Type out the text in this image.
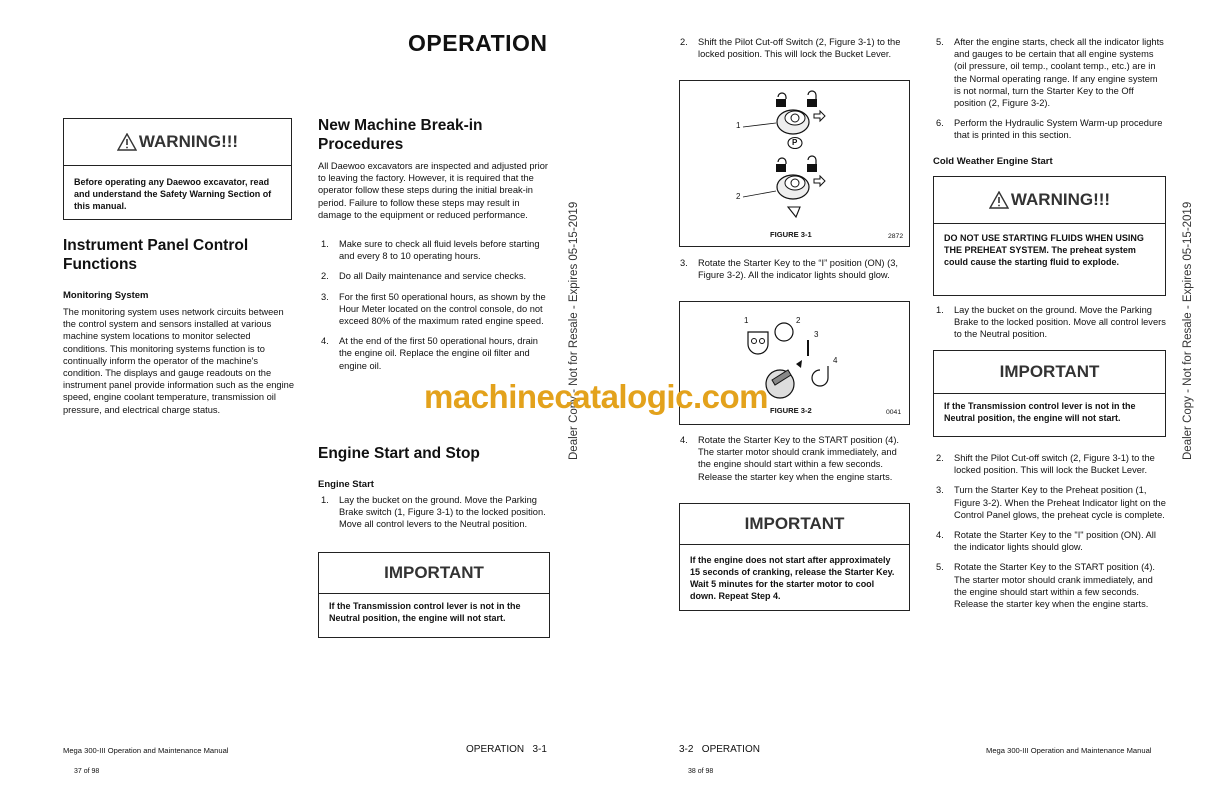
OPERATION
WARNING!!!
Before operating any Daewoo excavator, read and understand the Safety Warning Section of this manual.
Instrument Panel Control Functions
Monitoring System
The monitoring system uses network circuits between the control system and sensors installed at various machine system locations to monitor selected conditions. This monitoring systems function is to continually inform the operator of the machine's condition. The displays and gauge readouts on the instrument panel provide information such as the engine speed, engine coolant temperature, transmission oil pressure, and electrical charge status.
New Machine Break-in Procedures
All Daewoo excavators are inspected and adjusted prior to leaving the factory. However, it is required that the operator follow these steps during the initial break-in period. Failure to follow these steps may result in damage to the equipment or reduced performance.
1. Make sure to check all fluid levels before starting and every 8 to 10 operating hours.
2. Do all Daily maintenance and service checks.
3. For the first 50 operational hours, as shown by the Hour Meter located on the control console, do not exceed 80% of the maximum rated engine speed.
4. At the end of the first 50 operational hours, drain the engine oil. Replace the engine oil filter and engine oil.
Engine Start and Stop
Engine Start
1. Lay the bucket on the ground. Move the Parking Brake switch (1, Figure 3-1) to the locked position. Move all control levers to the Neutral position.
IMPORTANT
If the Transmission control lever is not in the Neutral position, the engine will not start.
Dealer Copy - Not for Resale - Expires 05-15-2019
Mega 300-III Operation and Maintenance Manual	OPERATION   3-1
37 of 98
2. Shift the Pilot Cut-off Switch (2, Figure 3-1) to the locked position. This will lock the Bucket Lever.
1
2
P
FIGURE 3-1	2872
3. Rotate the Starter Key to the “I” position (ON) (3, Figure 3-2). All the indicator lights should glow.
1	2
3
4
FIGURE 3-2	0041
4. Rotate the Starter Key to the START position (4). The starter motor should crank immediately, and the engine should start within a few seconds. Release the starter key when the engine starts.
IMPORTANT
If the engine does not start after approximately 15 seconds of cranking, release the Starter Key. Wait 5 minutes for the starter motor to cool down. Repeat Step 4.
5. After the engine starts, check all the indicator lights and gauges to be certain that all engine systems (oil pressure, oil temp., coolant temp., etc.) are in the Normal operating range. If any engine system is not normal, turn the Starter Key to the Off position (2, Figure 3-2).
6. Perform the Hydraulic System Warm-up procedure that is printed in this section.
Cold Weather Engine Start
WARNING!!!
DO NOT USE STARTING FLUIDS WHEN USING THE PREHEAT SYSTEM. The preheat system could cause the starting fluid to explode.
1. Lay the bucket on the ground. Move the Parking Brake to the locked position. Move all control levers to the Neutral position.
IMPORTANT
If the Transmission control lever is not in the Neutral position, the engine will not start.
2. Shift the Pilot Cut-off switch (2, Figure 3-1) to the locked position. This will lock the Bucket Lever.
3. Turn the Starter Key to the Preheat position (1, Figure 3-2). When the Preheat Indicator light on the Control Panel glows, the preheat cycle is complete.
4. Rotate the Starter Key to the "I" position (ON). All the indicator lights should glow.
5. Rotate the Starter Key to the START position (4). The starter motor should crank immediately, and the engine should start within a few seconds. Release the starter key when the engine starts.
Dealer Copy - Not for Resale - Expires 05-15-2019
3-2   OPERATION	Mega 300-III Operation and Maintenance Manual
38 of 98
machinecatalogic.com
